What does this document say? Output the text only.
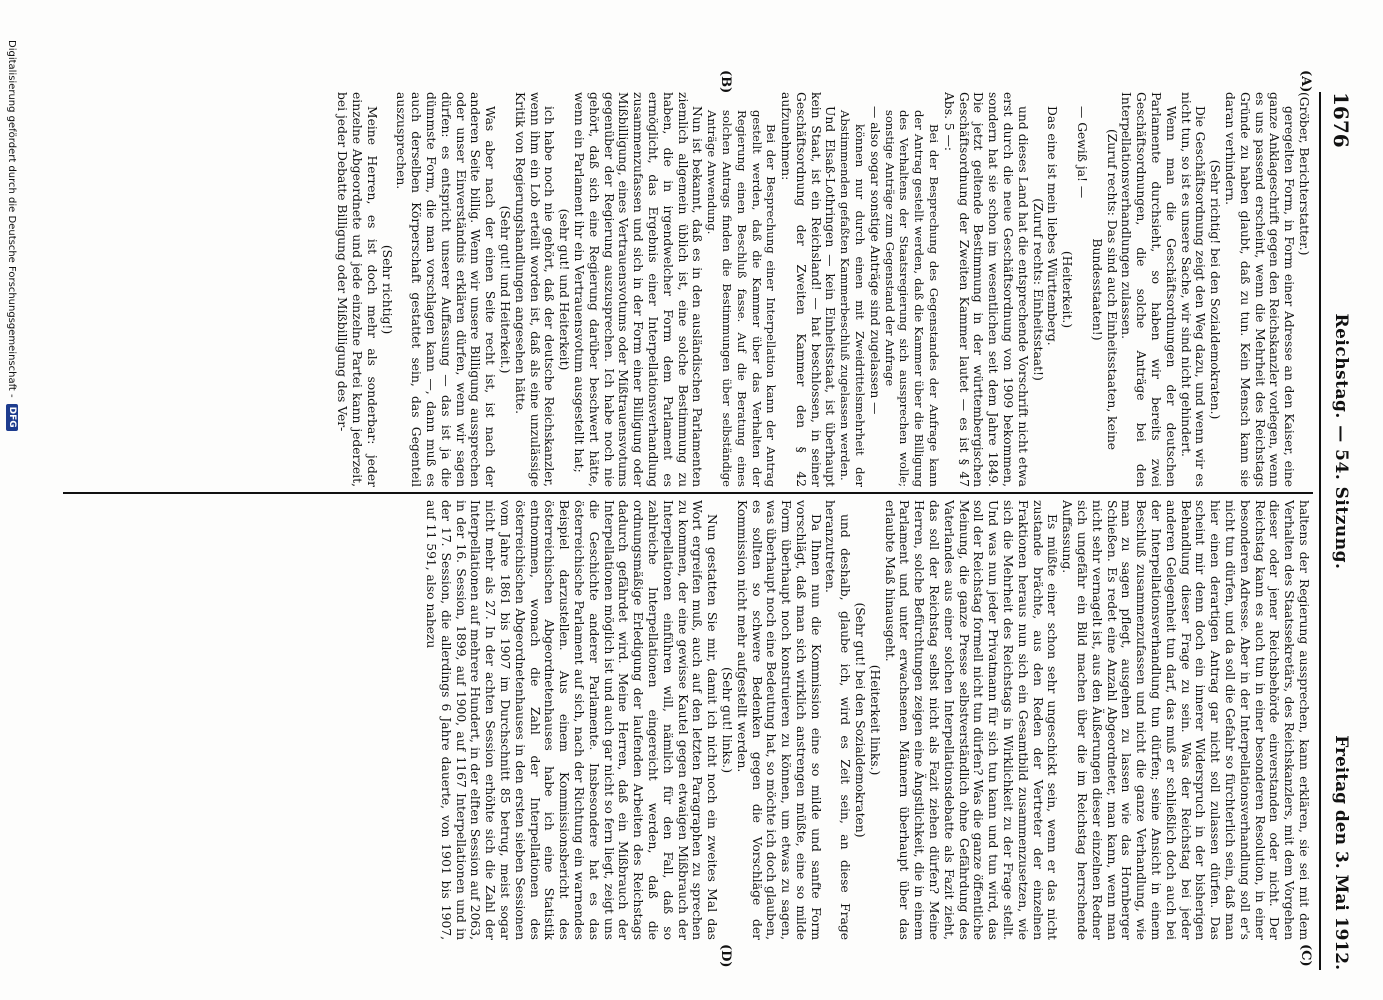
1676
Reichstag. — 54. Sitzung.
Freitag den 3. Mai 1912.
(A)
(B)
(C)
(D)

(Gröber, Berichterstatter.)

geregelten Form, in Form einer Adresse an den Kaiser, eine ganze Anklageschrift gegen den Reichskanzler vorlegen, wenn es uns passend erscheint, wenn die Mehrheit des Reichstags Gründe zu haben glaubt, daß zu tun. Kein Mensch kann sie daran verhindern.

(Sehr richtig! bei den Sozialdemokraten.)

Die Geschäftsordnung zeigt den Weg dazu, und wenn wir es nicht tun, so ist es unsere Sache, wir sind nicht gehindert.

Wenn man die Geschäftsordnungen der deutschen Parlamente durchsieht, so haben wir bereits zwei Geschäftsordnungen, die solche Anträge bei den Interpellationsverhandlungen zulassen.

(Zuruf rechts: Das sind auch Einheitsstaaten, keine Bundesstaaten!)

— Gewiß ja! —

(Heiterkeit.)

Das eine ist mein liebes Württemberg.

(Zuruf rechts: Einheitsstaat!)

und dieses Land hat die entsprechende Vorschrift nicht etwa erst durch die neue Geschäftsordnung von 1909 bekommen, sondern hat sie schon im wesentlichen seit dem Jahre 1849. Die jetzt geltende Bestimmung in der württembergischen Geschäftsordnung der Zweiten Kammer lautet — es ist § 47 Abs. 5 —:

Bei der Besprechung des Gegenstandes der Anfrage kann der Antrag gestellt werden, daß die Kammer über die Billigung des Verhaltens der Staatsregierung sich aussprechen wolle; sonstige Anträge zum Gegenstand der Anfrage

— also sogar sonstige Anträge sind zugelassen —

können nur durch einen mit Zweidrittelsmehrheit der Abstimmenden gefaßten Kammerbeschluß zugelassen werden.

Und Elsaß-Lothringen — kein Einheitsstaat, ist überhaupt kein Staat, ist ein Reichsland! — hat beschlossen, in seiner Geschäftsordnung der Zweiten Kammer den § 42 aufzunehmen:

Bei der Besprechung einer Interpellation kann der Antrag gestellt werden, daß die Kammer über das Verhalten der Regierung einen Beschluß fasse. Auf die Beratung eines solchen Antrags finden die Bestimmungen über selbständige Anträge Anwendung.

Nun ist bekannt, daß es in den ausländischen Parlamenten ziemlich allgemein üblich ist, eine solche Bestimmung zu haben, die in irgendwelcher Form dem Parlament es ermöglicht, das Ergebnis einer Interpellationsverhandlung zusammenzufassen und sich in der Form einer Billigung oder Mißbilligung, eines Vertrauensvotums oder Mißtrauensvotums gegenüber der Regierung auszusprechen. Ich habe noch nie gehört, daß sich eine Regierung darüber beschwert hätte, wenn ein Parlament ihr ein Vertrauensvotum ausgestellt hat;

(sehr gut! und Heiterkeit)

ich habe noch nie gehört, daß der deutsche Reichskanzler, wenn ihm ein Lob erteilt worden ist, daß als eine unzulässige Kritik von Regierungshandlungen angesehen hätte.

(Sehr gut! und Heiterkeit.)

Was aber nach der einen Seite recht ist, ist nach der anderen Seite billig. Wenn wir unsere Billigung aussprechen oder unser Einverständnis erklären dürfen, wenn wir sagen dürfen: es entspricht unserer Auffassung — das ist ja die dümmste Form, die man vorschlagen kann —, dann muß es auch derselben Körperschaft gestattet sein, das Gegenteil auszusprechen.

(Sehr richtig!)

Meine Herren, es ist doch mehr als sonderbar: jeder einzelne Abgeordnete und jede einzelne Partei kann jederzeit, bei jeder Debatte Billigung oder Mißbilligung des Ver-

haltens der Regierung aussprechen, kann erklären, sie sei mit dem Verhalten des Staatssekretärs, des Reichskanzlers, mit dem Vorgehen dieser oder jener Reichsbehörde einverstanden oder nicht. Der Reichstag kann es auch tun in einer besonderen Resolution, in einer besonderen Adresse. Aber in der Interpellationsverhandlung soll er's nicht tun dürfen, und da soll die Gefahr so fürchterlich sein, daß man hier einen derartigen Antrag gar nicht soll zulassen dürfen. Das scheint mir denn doch ein innerer Widerspruch in der bisherigen Behandlung dieser Frage zu sein. Was der Reichstag bei jeder anderen Gelegenheit tun darf, das muß er schließlich doch auch bei der Interpellationsverhandlung tun dürfen; seine Ansicht in einem Beschluß zusammenzufassen und nicht die ganze Verhandlung, wie man zu sagen pflegt, ausgehen zu lassen wie das Hornberger Schießen. Es redet eine Anzahl Abgeordneter, man kann, wenn man nicht sehr vernagelt ist, aus den Äußerungen dieser einzelnen Redner sich ungefähr ein Bild machen über die im Reichstag herrschende Auffassung.

Es müßte einer schon sehr ungeschickt sein, wenn er das nicht zustande brächte, aus den Reden der Vertreter der einzelnen Fraktionen heraus nun sich ein Gesamtbild zusammenzusetzen, wie sich die Mehrheit des Reichstags in Wirklichkeit zu der Frage stellt. Und was nun jeder Privatmann für sich tun kann und tun wird, das soll der Reichstag formell nicht tun dürfen? Was die ganze öffentliche Meinung, die ganze Presse selbstverständlich ohne Gefährdung des Vaterlandes aus einer solchen Interpellationsdebatte als Fazit zieht, das soll der Reichstag selbst nicht als Fazit ziehen dürfen? Meine Herren, solche Befürchtungen zeigen eine Ängstlichkeit, die in einem Parlament und unter erwachsenen Männern überhaupt über das erlaubte Maß hinausgeht.

(Heiterkeit links.)

(Sehr gut! bei den Sozialdemokraten)

und deshalb, glaube ich, wird es Zeit sein, an diese Frage heranzutreten.

Da Ihnen nun die Kommission eine so milde und sanfte Form vorschlägt, daß man sich wirklich anstrengen müßte, eine so milde Form überhaupt noch konstruieren zu können, um etwas zu sagen, was überhaupt noch eine Bedeutung hat, so möchte ich doch glauben, es sollten so schwere Bedenken gegen die Vorschläge der Kommission nicht mehr aufgestellt werden.

(Sehr gut! links.)

Nun gestatten Sie mir, damit ich nicht noch ein zweites Mal das Wort ergreifen muß, auch auf den letzten Paragraphen zu sprechen zu kommen, der eine gewisse Kautel gegen etwaigen Mißbrauch der Interpellationen einführen will, nämlich für den Fall, daß so zahlreiche Interpellationen eingereicht werden, daß die ordnungsmäßige Erledigung der laufenden Arbeiten des Reichstags dadurch gefährdet wird. Meine Herren, daß ein Mißbrauch der Interpellationen möglich ist und auch gar nicht so fern liegt, zeigt uns die Geschichte anderer Parlamente. Insbesondere hat es das österreichische Parlament auf sich, nach der Richtung ein warnendes Beispiel darzustellen. Aus einem Kommissionsbericht des österreichischen Abgeordnetenhauses habe ich eine Statistik entnommen, wonach die Zahl der Interpellationen des österreichischen Abgeordnetenhauses in den ersten sieben Sessionen vom Jahre 1861 bis 1907 im Durchschnitt 85 betrug, meist sogar nicht mehr als 27. In der achten Session erhöhte sich die Zahl der Interpellationen auf mehrere Hundert, in der elften Session auf 2063, in der 16. Session, 1899, auf 1900, auf 1167 Interpellationen und in der 17. Session, die allerdings 6 Jahre dauerte, von 1901 bis 1907, auf 11 591, also nahezu

Digitalisierung gefördert durch die Deutsche Forschungsgemeinschaft -
DFG
